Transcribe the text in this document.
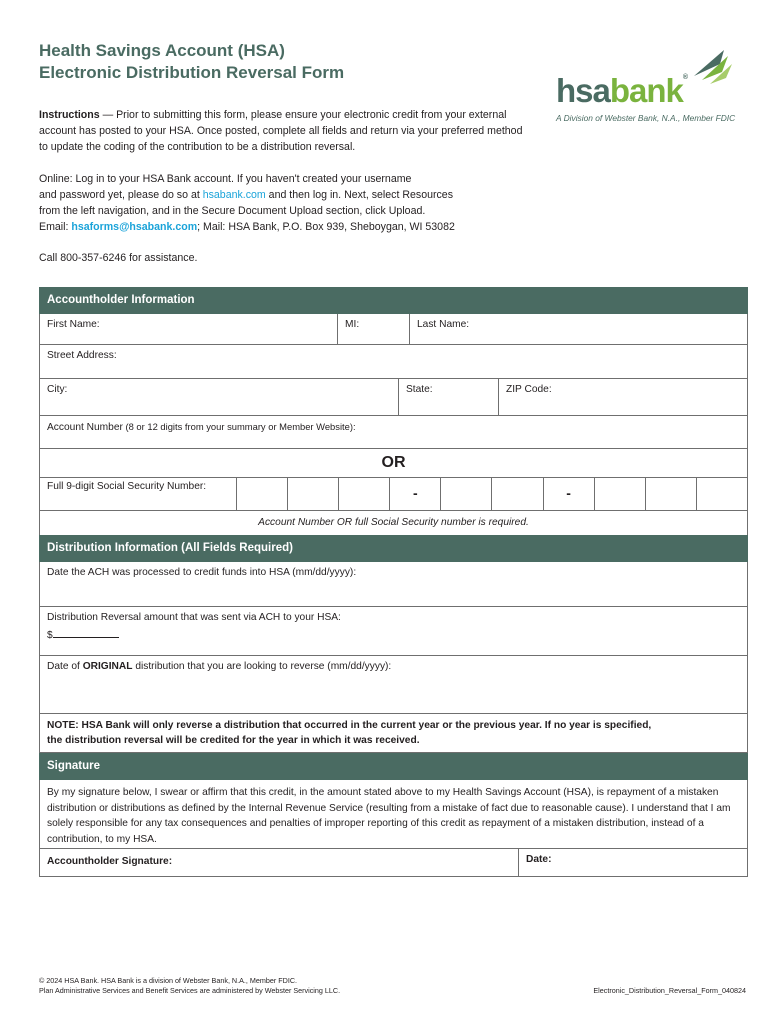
Health Savings Account (HSA)
Electronic Distribution Reversal Form	hsabank®
A Division of Webster Bank, N.A., Member FDIC
Instructions — Prior to submitting this form, please ensure your electronic credit from your external account has posted to your HSA. Once posted, complete all fields and return via your preferred method to update the coding of the contribution to be a distribution reversal.
Online: Log in to your HSA Bank account. If you haven't created your username
and password yet, please do so at hsabank.com and then log in. Next, select Resources
from the left navigation, and in the Secure Document Upload section, click Upload.
Email: hsaforms@hsabank.com; Mail: HSA Bank, P.O. Box 939, Sheboygan, WI 53082
Call 800-357-6246 for assistance.
Accountholder Information
First Name:	MI:	Last Name:
Street Address:
City:	State:	ZIP Code:
Account Number (8 or 12 digits from your summary or Member Website):
OR
Full 9-digit Social Security Number:	-	-
Account Number OR full Social Security number is required.
Distribution Information (All Fields Required)
Date the ACH was processed to credit funds into HSA (mm/dd/yyyy):
Distribution Reversal amount that was sent via ACH to your HSA:
$
Date of ORIGINAL distribution that you are looking to reverse (mm/dd/yyyy):
NOTE: HSA Bank will only reverse a distribution that occurred in the current year or the previous year. If no year is specified,
the distribution reversal will be credited for the year in which it was received.
Signature
By my signature below, I swear or affirm that this credit, in the amount stated above to my Health Savings Account (HSA), is repayment of a mistaken distribution or distributions as defined by the Internal Revenue Service (resulting from a mistake of fact due to reasonable cause). I understand that I am solely responsible for any tax consequences and penalties of improper reporting of this credit as repayment of a mistaken distribution, instead of a contribution, to my HSA.
Accountholder Signature:	Date:
© 2024 HSA Bank. HSA Bank is a division of Webster Bank, N.A., Member FDIC.
Plan Administrative Services and Benefit Services are administered by Webster Servicing LLC.	Electronic_Distribution_Reversal_Form_040824
